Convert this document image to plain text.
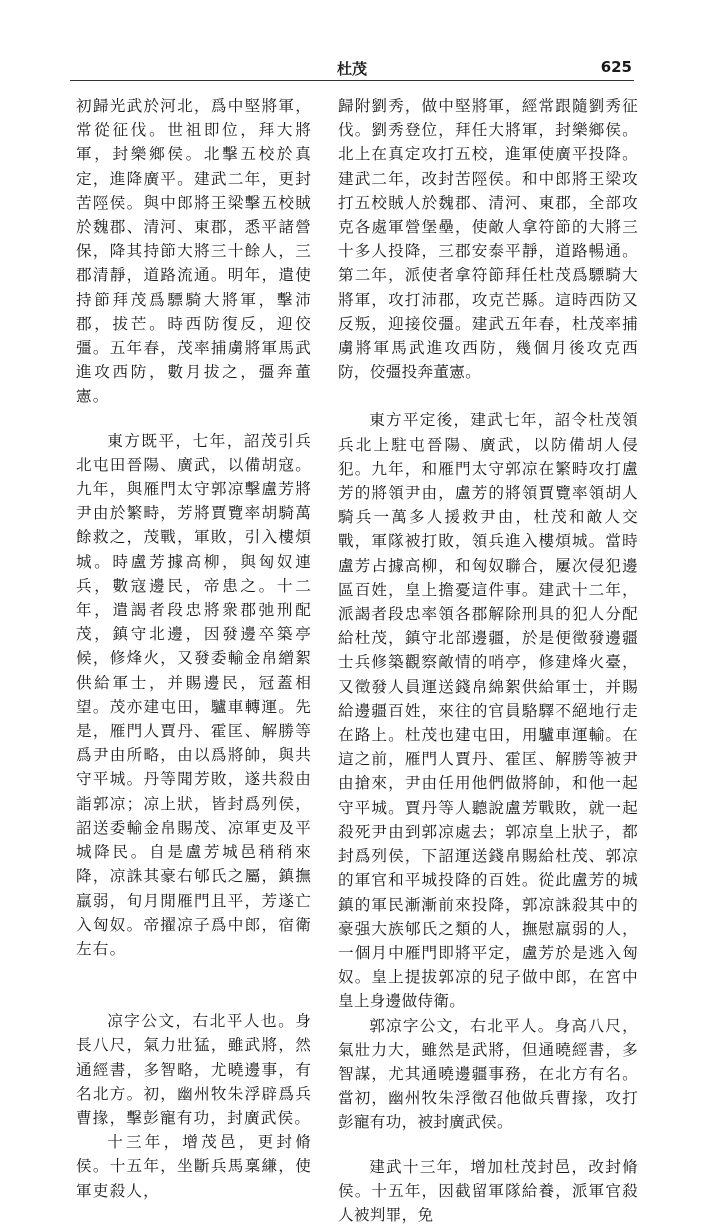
杜茂	625

初歸光武於河北，爲中堅將軍，常從征伐。世祖即位，拜大將軍，封樂鄉侯。北擊五校於真定，進降廣平。建武二年，更封苦陘侯。與中郎將王梁擊五校賊於魏郡、清河、東郡，悉平諸營保，降其持節大將三十餘人，三郡清靜，道路流通。明年，遣使持節拜茂爲驃騎大將軍，擊沛郡，拔芒。時西防復反，迎佼彊。五年春，茂率捕虜將軍馬武進攻西防，數月拔之，彊奔董憲。

東方既平，七年，詔茂引兵北屯田晉陽、廣武，以備胡寇。九年，與雁門太守郭凉擊盧芳將尹由於繁畤，芳將賈覽率胡騎萬餘救之，茂戰，軍敗，引入樓煩城。時盧芳據高柳，與匈奴連兵，數寇邊民，帝患之。十二年，遣謁者段忠將衆郡弛刑配茂，鎮守北邊，因發邊卒築亭候，修烽火，又發委輸金帛繒絮供給軍士，并賜邊民，冠蓋相望。茂亦建屯田，驢車轉運。先是，雁門人賈丹、霍匡、解勝等爲尹由所略，由以爲將帥，與共守平城。丹等聞芳敗，遂共殺由詣郭凉；凉上狀，皆封爲列侯，詔送委輸金帛賜茂、凉軍吏及平城降民。自是盧芳城邑稍稍來降，凉誅其豪右郇氏之屬，鎮撫羸弱，旬月閒雁門且平，芳遂亡入匈奴。帝擢凉子爲中郎，宿衛左右。

凉字公文，右北平人也。身長八尺，氣力壯猛，雖武將，然通經書，多智略，尤曉邊事，有名北方。初，幽州牧朱浮辟爲兵曹掾，擊彭寵有功，封廣武侯。

十三年，增茂邑，更封脩侯。十五年，坐斷兵馬稟縑，使軍吏殺人，

歸附劉秀，做中堅將軍，經常跟隨劉秀征伐。劉秀登位，拜任大將軍，封樂鄉侯。北上在真定攻打五校，進軍使廣平投降。建武二年，改封苦陘侯。和中郎將王梁攻打五校賊人於魏郡、清河、東郡，全部攻克各處軍營堡壘，使敵人拿符節的大將三十多人投降，三郡安泰平靜，道路暢通。第二年，派使者拿符節拜任杜茂爲驃騎大將軍，攻打沛郡，攻克芒縣。這時西防又反叛，迎接佼彊。建武五年春，杜茂率捕虜將軍馬武進攻西防，幾個月後攻克西防，佼彊投奔董憲。

東方平定後，建武七年，詔令杜茂領兵北上駐屯晉陽、廣武，以防備胡人侵犯。九年，和雁門太守郭凉在繁畤攻打盧芳的將領尹由，盧芳的將領賈覽率領胡人騎兵一萬多人援救尹由，杜茂和敵人交戰，軍隊被打敗，領兵進入樓煩城。當時盧芳占據高柳，和匈奴聯合，屢次侵犯邊區百姓，皇上擔憂這件事。建武十二年，派謁者段忠率領各郡解除刑具的犯人分配給杜茂，鎮守北部邊疆，於是便徵發邊疆士兵修築觀察敵情的哨亭，修建烽火臺，又徵發人員運送錢帛綿絮供給軍士，并賜給邊疆百姓，來往的官員駱驛不絕地行走在路上。杜茂也建屯田，用驢車運輸。在這之前，雁門人賈丹、霍匡、解勝等被尹由搶來，尹由任用他們做將帥，和他一起守平城。賈丹等人聽說盧芳戰敗，就一起殺死尹由到郭凉處去；郭凉皇上狀子，都封爲列侯，下詔運送錢帛賜給杜茂、郭凉的軍官和平城投降的百姓。從此盧芳的城鎮的軍民漸漸前來投降，郭凉誅殺其中的豪强大族郇氏之類的人，撫慰羸弱的人，一個月中雁門即將平定，盧芳於是逃入匈奴。皇上提拔郭凉的兒子做中郎，在宮中皇上身邊做侍衛。

郭凉字公文，右北平人。身高八尺，氣壯力大，雖然是武將，但通曉經書，多智謀，尤其通曉邊疆事務，在北方有名。當初，幽州牧朱浮徵召他做兵曹掾，攻打彭寵有功，被封廣武侯。

建武十三年，增加杜茂封邑，改封脩侯。十五年，因截留軍隊給養，派軍官殺人被判罪，免
